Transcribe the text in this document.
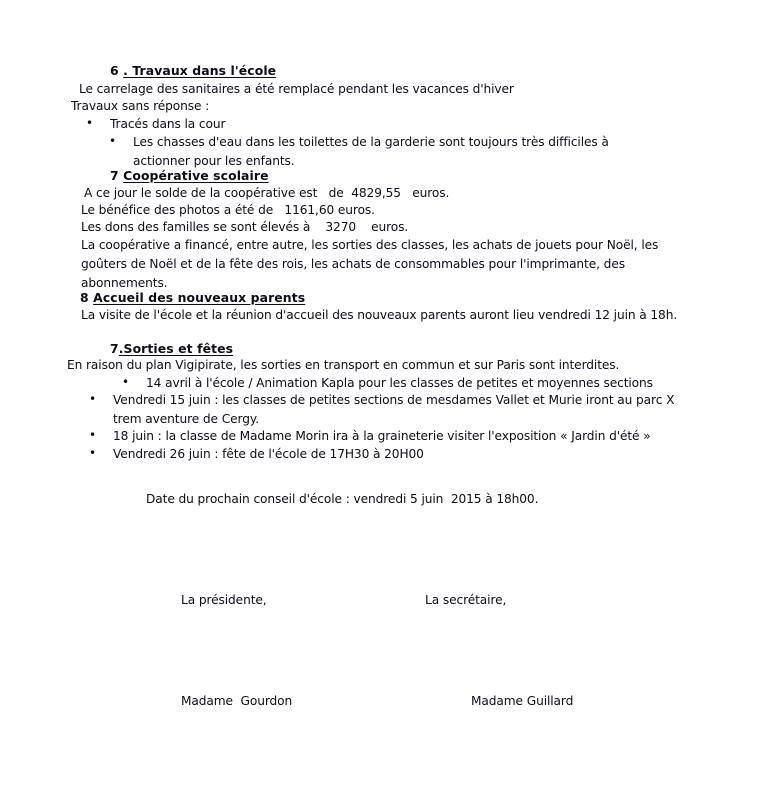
6 . Travaux dans l'école
Le carrelage des sanitaires a été remplacé pendant les vacances d'hiver
Travaux sans réponse :
•
Tracés dans la cour
•
Les chasses d'eau dans les toilettes de la garderie sont toujours très difficiles à actionner pour les enfants.
7 Coopérative scolaire
A ce jour le solde de la coopérative est   de  4829,55   euros.
Le bénéfice des photos a été de   1161,60 euros.
Les dons des familles se sont élevés à    3270    euros.
La coopérative a financé, entre autre, les sorties des classes, les achats de jouets pour Noël, les goûters de Noël et de la fête des rois, les achats de consommables pour l'imprimante, des abonnements.
8 Accueil des nouveaux parents
La visite de l'école et la réunion d'accueil des nouveaux parents auront lieu vendredi 12 juin à 18h.
7.Sorties et fêtes
En raison du plan Vigipirate, les sorties en transport en commun et sur Paris sont interdites.
•
14 avril à l'école / Animation Kapla pour les classes de petites et moyennes sections
•
Vendredi 15 juin : les classes de petites sections de mesdames Vallet et Murie iront au parc X trem aventure de Cergy.
•
18 juin : la classe de Madame Morin ira à la graineterie visiter l'exposition « Jardin d'été »
•
Vendredi 26 juin : fête de l'école de 17H30 à 20H00
Date du prochain conseil d'école : vendredi 5 juin  2015 à 18h00.
La présidente,	La secrétaire,
Madame  Gourdon	Madame Guillard
